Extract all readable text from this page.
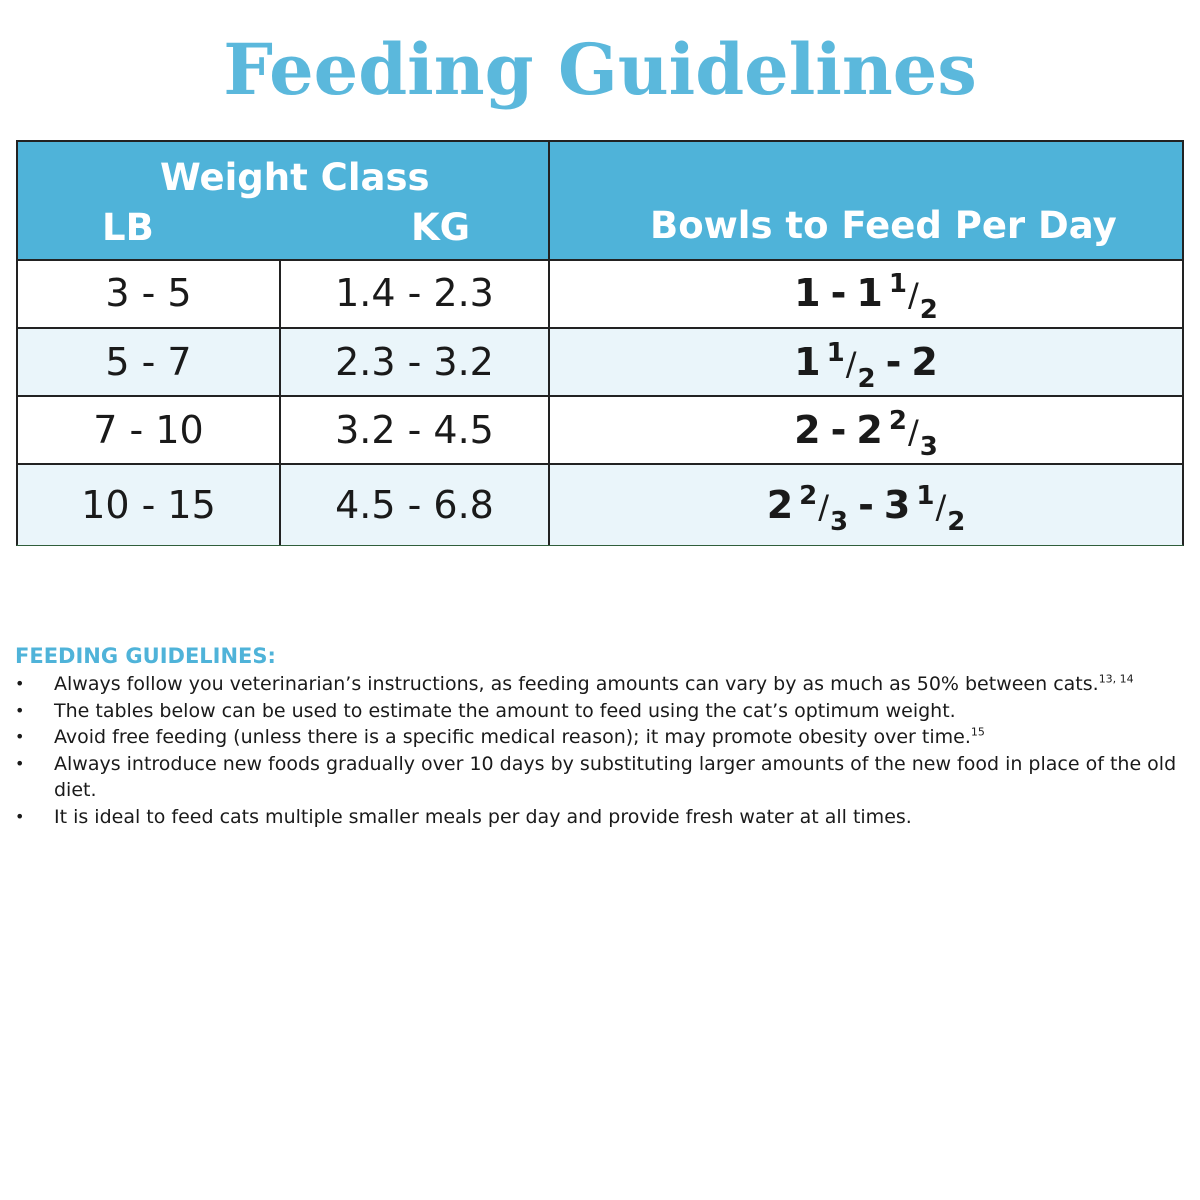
Feeding Guidelines
Weight Class
LB	KG	Bowls to Feed Per Day
3 - 5	1.4 - 2.3	1 - 1 1 / 2
5 - 7	2.3 - 3.2	1 1 / 2 - 2
7 - 10	3.2 - 4.5	2 - 2 2 / 3
10 - 15	4.5 - 6.8	2 2 / 3 - 3 1 / 2
FEEDING GUIDELINES:
• Always follow you veterinarian’s instructions, as feeding amounts can vary by as much as 50% between cats.$^{13, 14}$
• The tables below can be used to estimate the amount to feed using the cat’s optimum weight.
• Avoid free feeding (unless there is a specific medical reason); it may promote obesity over time.$^{15}$
• Always introduce new foods gradually over 10 days by substituting larger amounts of the new food in place of the old diet.
• It is ideal to feed cats multiple smaller meals per day and provide fresh water at all times.
